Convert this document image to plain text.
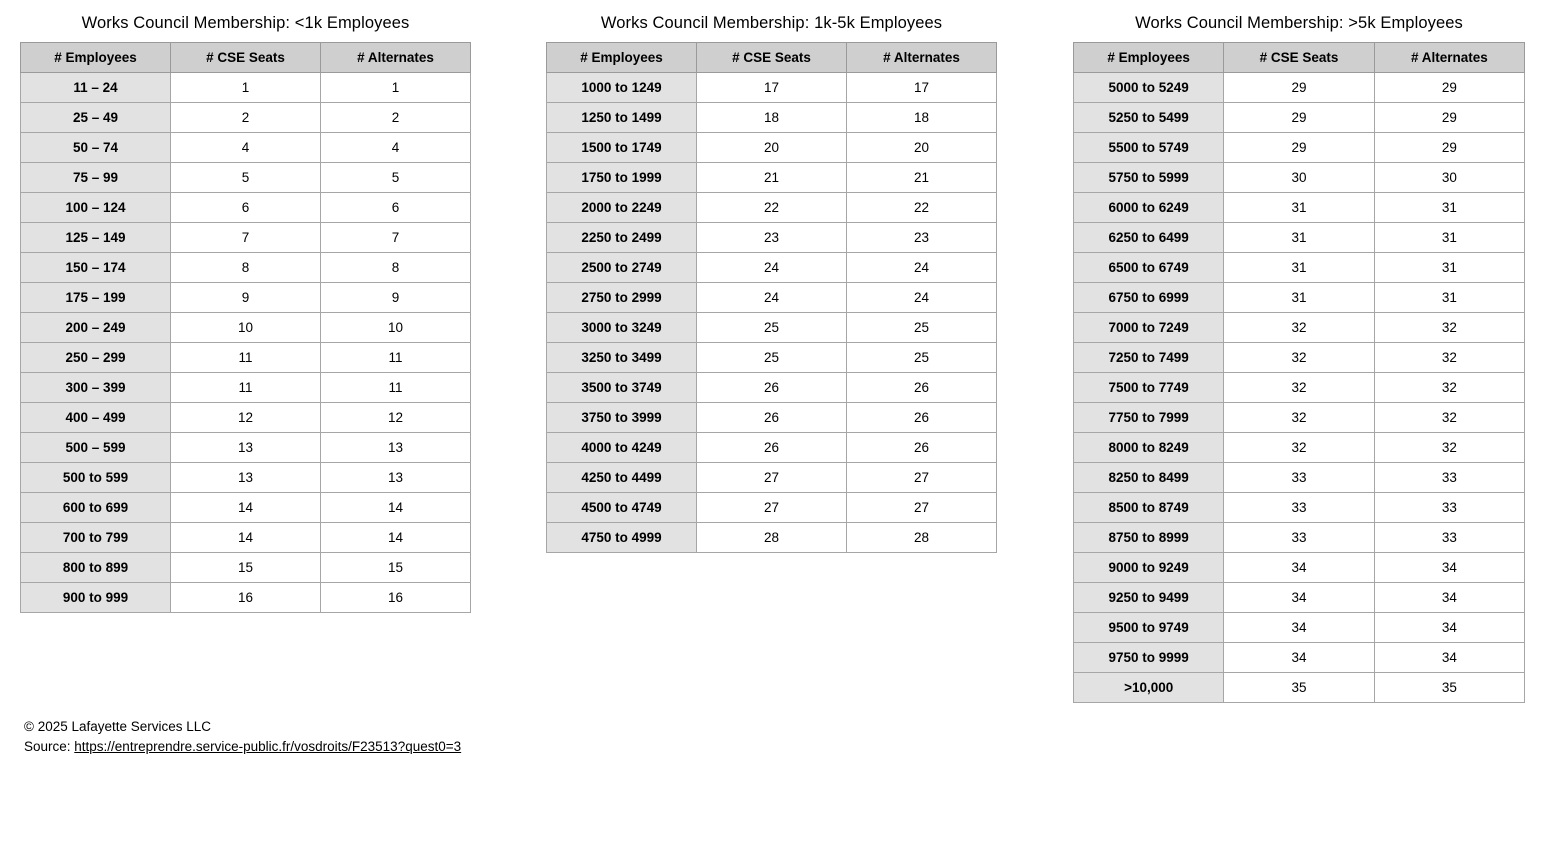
Works Council Membership: <1k Employees
# Employees	# CSE Seats	# Alternates
11 – 24	1	1
25 – 49	2	2
50 – 74	4	4
75 – 99	5	5
100 – 124	6	6
125 – 149	7	7
150 – 174	8	8
175 – 199	9	9
200 – 249	10	10
250 – 299	11	11
300 – 399	11	11
400 – 499	12	12
500 – 599	13	13
500 to 599	13	13
600 to 699	14	14
700 to 799	14	14
800 to 899	15	15
900 to 999	16	16
Works Council Membership: 1k-5k Employees
# Employees	# CSE Seats	# Alternates
1000 to 1249	17	17
1250 to 1499	18	18
1500 to 1749	20	20
1750 to 1999	21	21
2000 to 2249	22	22
2250 to 2499	23	23
2500 to 2749	24	24
2750 to 2999	24	24
3000 to 3249	25	25
3250 to 3499	25	25
3500 to 3749	26	26
3750 to 3999	26	26
4000 to 4249	26	26
4250 to 4499	27	27
4500 to 4749	27	27
4750 to 4999	28	28
Works Council Membership: >5k Employees
# Employees	# CSE Seats	# Alternates
5000 to 5249	29	29
5250 to 5499	29	29
5500 to 5749	29	29
5750 to 5999	30	30
6000 to 6249	31	31
6250 to 6499	31	31
6500 to 6749	31	31
6750 to 6999	31	31
7000 to 7249	32	32
7250 to 7499	32	32
7500 to 7749	32	32
7750 to 7999	32	32
8000 to 8249	32	32
8250 to 8499	33	33
8500 to 8749	33	33
8750 to 8999	33	33
9000 to 9249	34	34
9250 to 9499	34	34
9500 to 9749	34	34
9750 to 9999	34	34
>10,000	35	35
© 2025 Lafayette Services LLC
Source: https://entreprendre.service-public.fr/vosdroits/F23513?quest0=3
